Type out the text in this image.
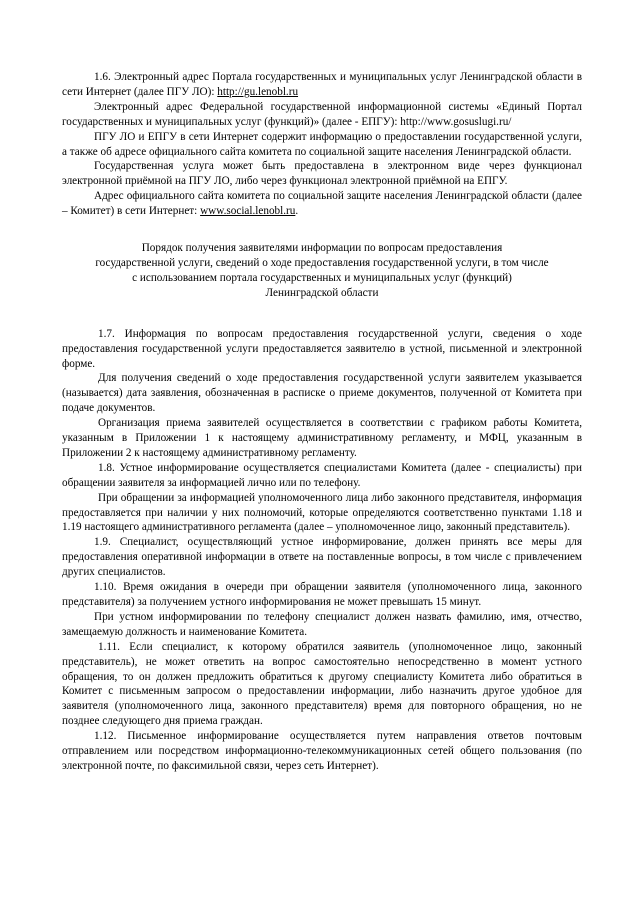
1.6. Электронный адрес Портала государственных и муниципальных услуг Ленинградской области в сети Интернет (далее ПГУ ЛО): http://gu.lenobl.ru

Электронный адрес Федеральной государственной информационной системы «Единый Портал государственных и муниципальных услуг (функций)» (далее - ЕПГУ): http://www.gosuslugi.ru/

ПГУ ЛО и ЕПГУ в сети Интернет содержит информацию о предоставлении государственной услуги, а также об адресе официального сайта комитета по социальной защите населения Ленинградской области.

Государственная услуга может быть предоставлена в электронном виде через функционал электронной приёмной на ПГУ ЛО, либо через функционал электронной приёмной на ЕПГУ.

Адрес официального сайта комитета по социальной защите населения Ленинградской области (далее – Комитет) в сети Интернет: www.social.lenobl.ru.

Порядок получения заявителями информации по вопросам предоставления
государственной услуги, сведений о ходе предоставления государственной услуги, в том числе
с использованием портала государственных и муниципальных услуг (функций)
Ленинградской области

1.7. Информация по вопросам предоставления государственной услуги, сведения о ходе предоставления государственной услуги предоставляется заявителю в устной, письменной и электронной форме.

Для получения сведений о ходе предоставления государственной услуги заявителем указывается (называется) дата заявления, обозначенная в расписке о приеме документов, полученной от Комитета при подаче документов.

Организация приема заявителей осуществляется в соответствии с графиком работы Комитета, указанным в Приложении 1 к настоящему административному регламенту, и МФЦ, указанным в Приложении 2 к настоящему административному регламенту.

1.8. Устное информирование осуществляется специалистами Комитета (далее - специалисты) при обращении заявителя за информацией лично или по телефону.

При обращении за информацией уполномоченного лица либо законного представителя, информация предоставляется при наличии у них полномочий, которые определяются соответственно пунктами 1.18 и 1.19 настоящего административного регламента (далее – уполномоченное лицо, законный представитель).

1.9. Специалист, осуществляющий устное информирование, должен принять все меры для предоставления оперативной информации в ответе на поставленные вопросы, в том числе с привлечением других специалистов.

1.10. Время ожидания в очереди при обращении заявителя (уполномоченного лица, законного представителя) за получением устного информирования не может превышать 15 минут.

При устном информировании по телефону специалист должен назвать фамилию, имя, отчество, замещаемую должность и наименование Комитета.

1.11. Если специалист, к которому обратился заявитель (уполномоченное лицо, законный представитель), не может ответить на вопрос самостоятельно непосредственно в момент устного обращения, то он должен предложить обратиться к другому специалисту Комитета либо обратиться в Комитет с письменным запросом о предоставлении информации, либо назначить другое удобное для заявителя (уполномоченного лица, законного представителя) время для повторного обращения, но не позднее следующего дня приема граждан.

1.12. Письменное информирование осуществляется путем направления ответов почтовым отправлением или посредством информационно-телекоммуникационных сетей общего пользования (по электронной почте, по факсимильной связи, через сеть Интернет).
